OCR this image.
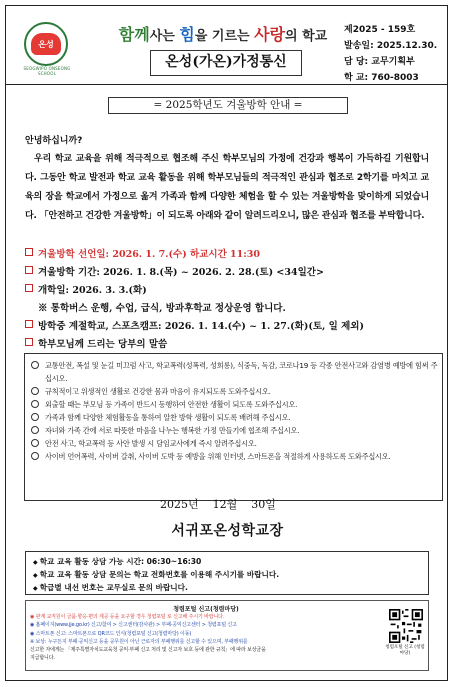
온성
SEOGWIPO ONSEONG SCHOOL
함께사는 힘을 기르는 사랑의 학교
온성(가온)가정통신
제2025 - 159호
발송일: 2025.12.30.
담 당: 교무기획부
학 교: 760-8003
= 2025학년도 겨울방학 안내 =
안녕하십니까?
우리 학교 교육을 위해 적극적으로 협조해 주신 학부모님의 가정에 건강과 행복이 가득하길 기원합니다. 그동안 학교 발전과 학교 교육 활동을 위해 학부모님들의 적극적인 관심과 협조로 2학기를 마치고 교육의 장을 학교에서 가정으로 옮겨 가족과 함께 다양한 체험을 할 수 있는 겨울방학을 맞이하게 되었습니다. 「안전하고 건강한 겨울방학」이 되도록 아래와 같이 알려드리오니, 많은 관심과 협조를 부탁합니다.
겨울방학 선언일: 2026. 1. 7.(수) 하교시간 11:30
겨울방학 기간: 2026. 1. 8.(목) ~ 2026. 2. 28.(토) <34일간>
개학일: 2026. 3. 3.(화)
※ 통학버스 운행, 수업, 급식, 방과후학교 정상운영 합니다.
방학중 계절학교, 스포츠캠프: 2026. 1. 14.(수) ~ 1. 27.(화)(토, 일 제외)
학부모님께 드리는 당부의 말씀
교통안전, 폭설 및 눈길 미끄럼 사고, 학교폭력(성폭력, 성희롱), 식중독, 독감, 코로나19 등 각종 안전사고와 감염병 예방에 힘써 주십시오.
규칙적이고 위생적인 생활로 건강한 몸과 마음이 유지되도록 도와주십시오.
외출할 때는 부모님 등 가족이 반드시 동행하여 안전한 생활이 되도록 도와주십시오.
가족과 함께 다양한 체험활동을 통하여 알찬 방학 생활이 되도록 배려해 주십시오.
자녀와 가족 간에 서로 따뜻한 마음을 나누는 행복한 가정 만들기에 협조해 주십시오.
안전 사고, 학교폭력 등 사안 발생 시 담임교사에게 즉시 알려주십시오.
사이버 언어폭력, 사이버 갈취, 사이버 도박 등 예방을 위해 인터넷, 스마트폰을 적절하게 사용하도록 도와주십시오.
2025년    12월    30일
서귀포온성학교장
◆ 학교 교육 활동 상담 가능 시간: 06:30~16:30
◆ 학교 교육 활동 상담 문의는 학교 전화번호를 이용해 주시기를 바랍니다.
◆ 학급별 내선 번호는 교무실로 문의 바랍니다.
청렴포털 신고(청렴마당)
◉ 관계 교직원이 금품·향응·편의 제공 등을 요구할 경우 청렴포털 로 신고해 주시기 바랍니다.
◉ 홈페이지(www.jje.go.kr) 신고/참여 > 신고센터(감사관) > 부패·공익신고센터 > 청렴포털 신고
◉ 스마트폰 신고: 스마트폰으로 QR코드 인식(청렴포털 신고(청렴마당) 이동)
※ 보상: 누구든지 부패·공익신고 등을 공무원이 아닌 근로자의 부패행위를 신고할 수 있으며, 부패행위를
신고한 자에게는 「제주특별자치도교육청 공익·부패 신고 처리 및 신고자 보호 등에 관한 규칙」에 따라 보상금을
지급합니다.
청렴포털 신고 (청렴마당)
